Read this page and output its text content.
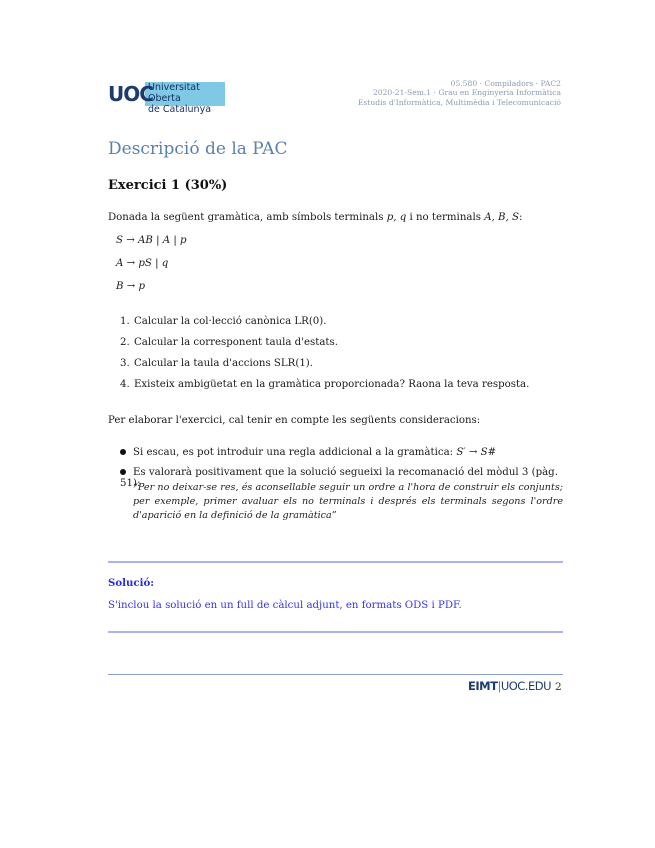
UOC
Universitat Oberta
de Catalunya
05.580 · Compiladors · PAC2
2020-21-Sem.1 · Grau en Enginyeria Informàtica
Estudis d'Informàtica, Multimèdia i Telecomunicació
Descripció de la PAC
Exercici 1 (30%)
Donada la següent gramàtica, amb símbols terminals p, q i no terminals A, B, S:
S → AB | A | p
A → pS | q
B → p
1. Calcular la col·lecció canònica LR(0).
2. Calcular la corresponent taula d'estats.
3. Calcular la taula d'accions SLR(1).
4. Existeix ambigüetat en la gramàtica proporcionada? Raona la teva resposta.
Per elaborar l'exercici, cal tenir en compte les següents consideracions:
Si escau, es pot introduir una regla addicional a la gramàtica: S′ → S#
Es valorarà positivament que la solució segueixi la recomanació del mòdul 3 (pàg. 51):
“Per no deixar-se res, és aconsellable seguir un ordre a l'hora de construir els conjunts; per exemple, primer avaluar els no terminals i després els terminals segons l'ordre d'aparició en la definició de la gramàtica”
Solució:
S'inclou la solució en un full de càlcul adjunt, en formats ODS i PDF.
EIMT|UOC.EDU 2
